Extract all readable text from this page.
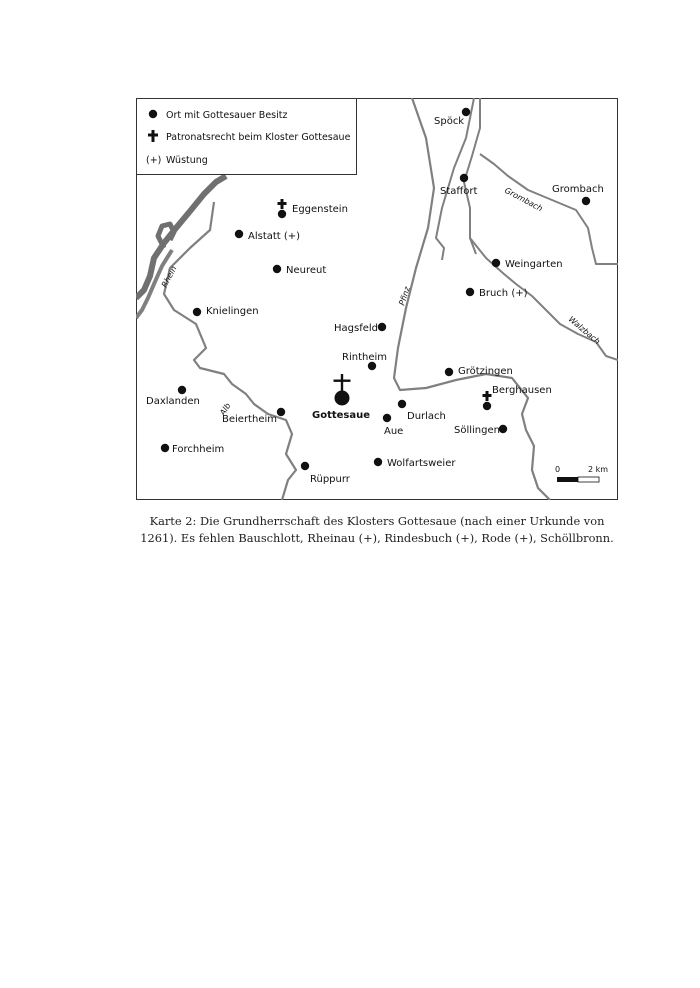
Rhein
Alb
Pfinz
Grombach
Walzbach
Ort mit Gottesauer Besitz
Patronatsrecht beim Kloster Gottesaue
(+) Wüstung
Spöck
Staffort	Grombach
Eggenstein
Alstatt (+)
Neureut
Weingarten
Bruch (+)
Knielingen
Hagsfeld
Rintheim
Grötzingen
Berghausen
Daxlanden
Gottesaue	Durlach
Beiertheim
Aue	Söllingen
Forchheim
Rüppurr
Wolfartsweier
0	2 km

Karte 2: Die Grundherrschaft des Klosters Gottesaue (nach einer Urkunde von 1261). Es fehlen Bauschlott, Rheinau (+), Rindesbuch (+), Rode (+), Schöllbronn.
